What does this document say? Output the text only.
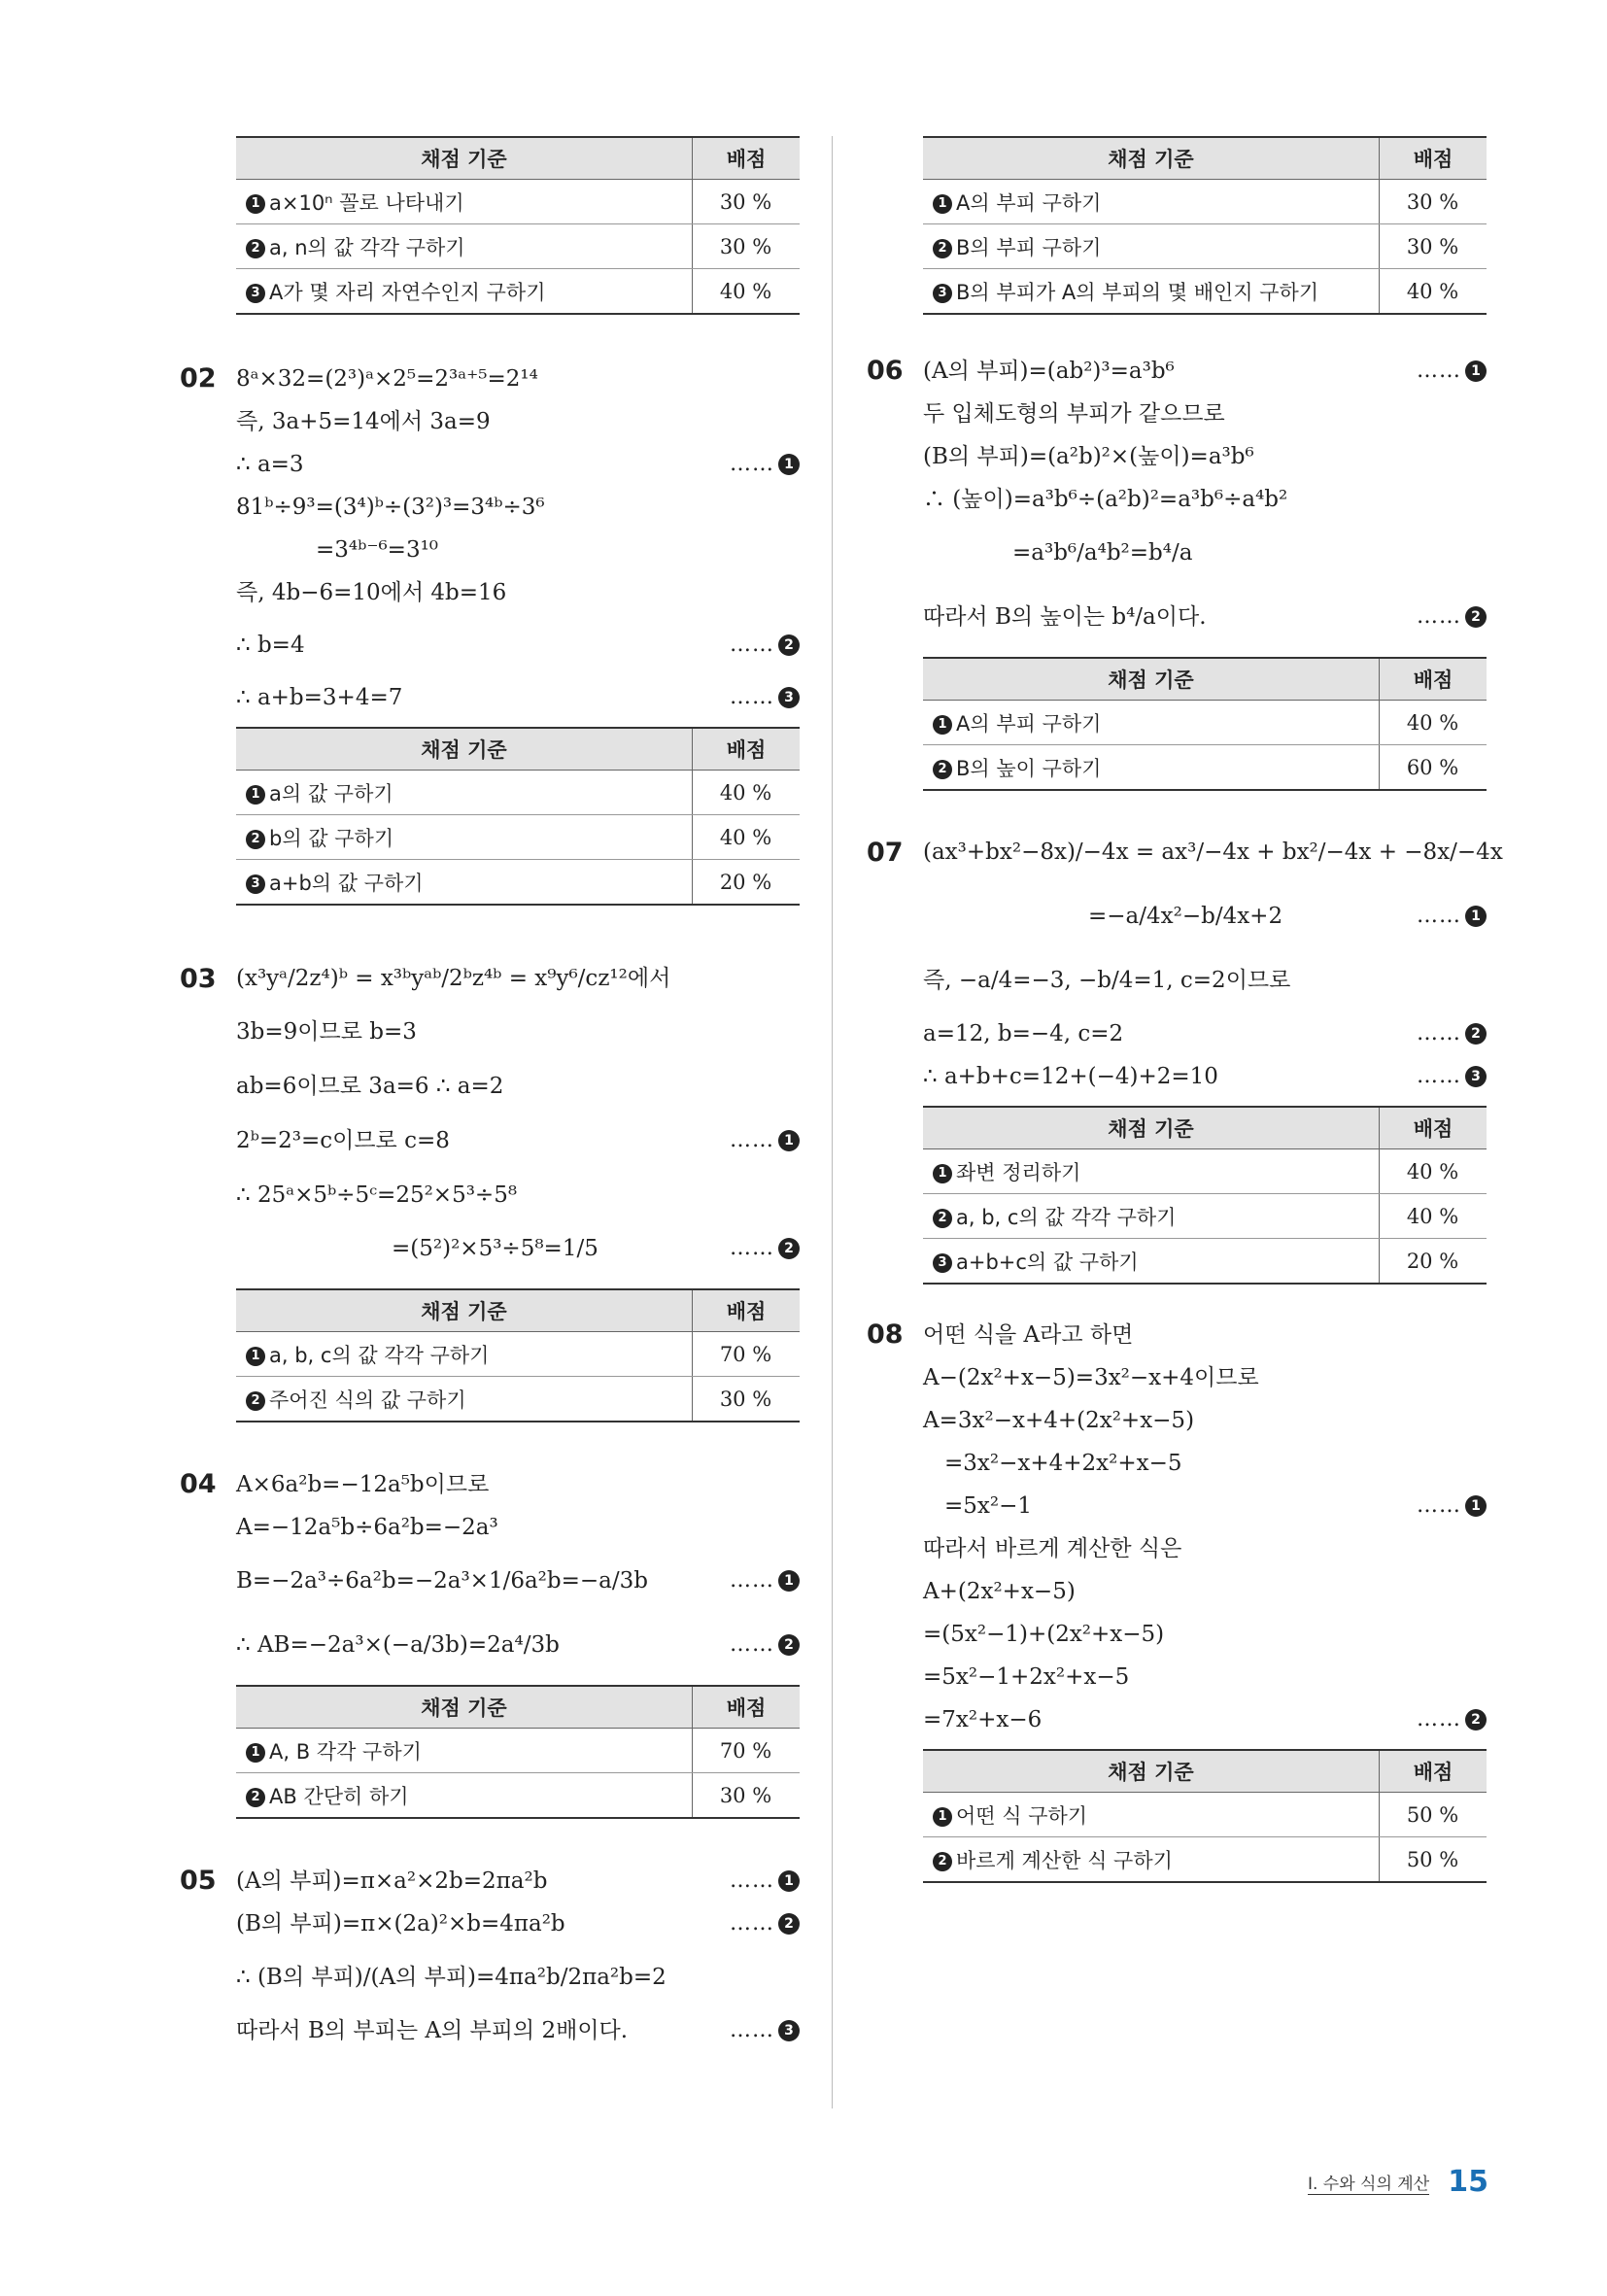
채점 기준	배점
1 a×10ⁿ 꼴로 나타내기	30 %
2 a, n의 값 각각 구하기	30 %
3 A가 몇 자리 자연수인지 구하기	40 %
02 8ᵃ×32=(2³)ᵃ×2⁵=2³ᵃ⁺⁵=2¹⁴
즉, 3a+5=14에서 3a=9
∴ a=3	…… 1
81ᵇ÷9³=(3⁴)ᵇ÷(3²)³=3⁴ᵇ÷3⁶
=3⁴ᵇ⁻⁶=3¹⁰
즉, 4b−6=10에서 4b=16
∴ b=4	…… 2
∴ a+b=3+4=7	…… 3
채점 기준	배점
1 a의 값 구하기	40 %
2 b의 값 구하기	40 %
3 a+b의 값 구하기	20 %
03 (x³yᵃ/2z⁴)ᵇ = x³ᵇyᵃᵇ/2ᵇz⁴ᵇ = x⁹y⁶/cz¹²에서
3b=9이므로 b=3
ab=6이므로 3a=6 ∴ a=2
2ᵇ=2³=c이므로 c=8	…… 1
∴ 25ᵃ×5ᵇ÷5ᶜ=25²×5³÷5⁸
=(5²)²×5³÷5⁸=1/5	…… 2
채점 기준	배점
1 a, b, c의 값 각각 구하기	70 %
2 주어진 식의 값 구하기	30 %
04 A×6a²b=−12a⁵b이므로
A=−12a⁵b÷6a²b=−2a³
B=−2a³÷6a²b=−2a³×1/6a²b=−a/3b	…… 1
∴ AB=−2a³×(−a/3b)=2a⁴/3b	…… 2
채점 기준	배점
1 A, B 각각 구하기	70 %
2 AB 간단히 하기	30 %
05 (A의 부피)=π×a²×2b=2πa²b	…… 1
(B의 부피)=π×(2a)²×b=4πa²b	…… 2
∴ (B의 부피)/(A의 부피)=4πa²b/2πa²b=2
따라서 B의 부피는 A의 부피의 2배이다.	…… 3
채점 기준	배점
1 A의 부피 구하기	30 %
2 B의 부피 구하기	30 %
3 B의 부피가 A의 부피의 몇 배인지 구하기	40 %
06 (A의 부피)=(ab²)³=a³b⁶	…… 1
두 입체도형의 부피가 같으므로
(B의 부피)=(a²b)²×(높이)=a³b⁶
∴ (높이)=a³b⁶÷(a²b)²=a³b⁶÷a⁴b²
=a³b⁶/a⁴b²=b⁴/a
따라서 B의 높이는 b⁴/a이다.	…… 2
채점 기준	배점
1 A의 부피 구하기	40 %
2 B의 높이 구하기	60 %
07 (ax³+bx²−8x)/−4x = ax³/−4x + bx²/−4x + −8x/−4x
=−a/4x²−b/4x+2	…… 1
즉, −a/4=−3, −b/4=1, c=2이므로
a=12, b=−4, c=2	…… 2
∴ a+b+c=12+(−4)+2=10	…… 3
채점 기준	배점
1 좌변 정리하기	40 %
2 a, b, c의 값 각각 구하기	40 %
3 a+b+c의 값 구하기	20 %
08 어떤 식을 A라고 하면
A−(2x²+x−5)=3x²−x+4이므로
A=3x²−x+4+(2x²+x−5)
=3x²−x+4+2x²+x−5
=5x²−1	…… 1
따라서 바르게 계산한 식은
A+(2x²+x−5)
=(5x²−1)+(2x²+x−5)
=5x²−1+2x²+x−5
=7x²+x−6	…… 2
채점 기준	배점
1 어떤 식 구하기	50 %
2 바르게 계산한 식 구하기	50 %
I. 수와 식의 계산 15
